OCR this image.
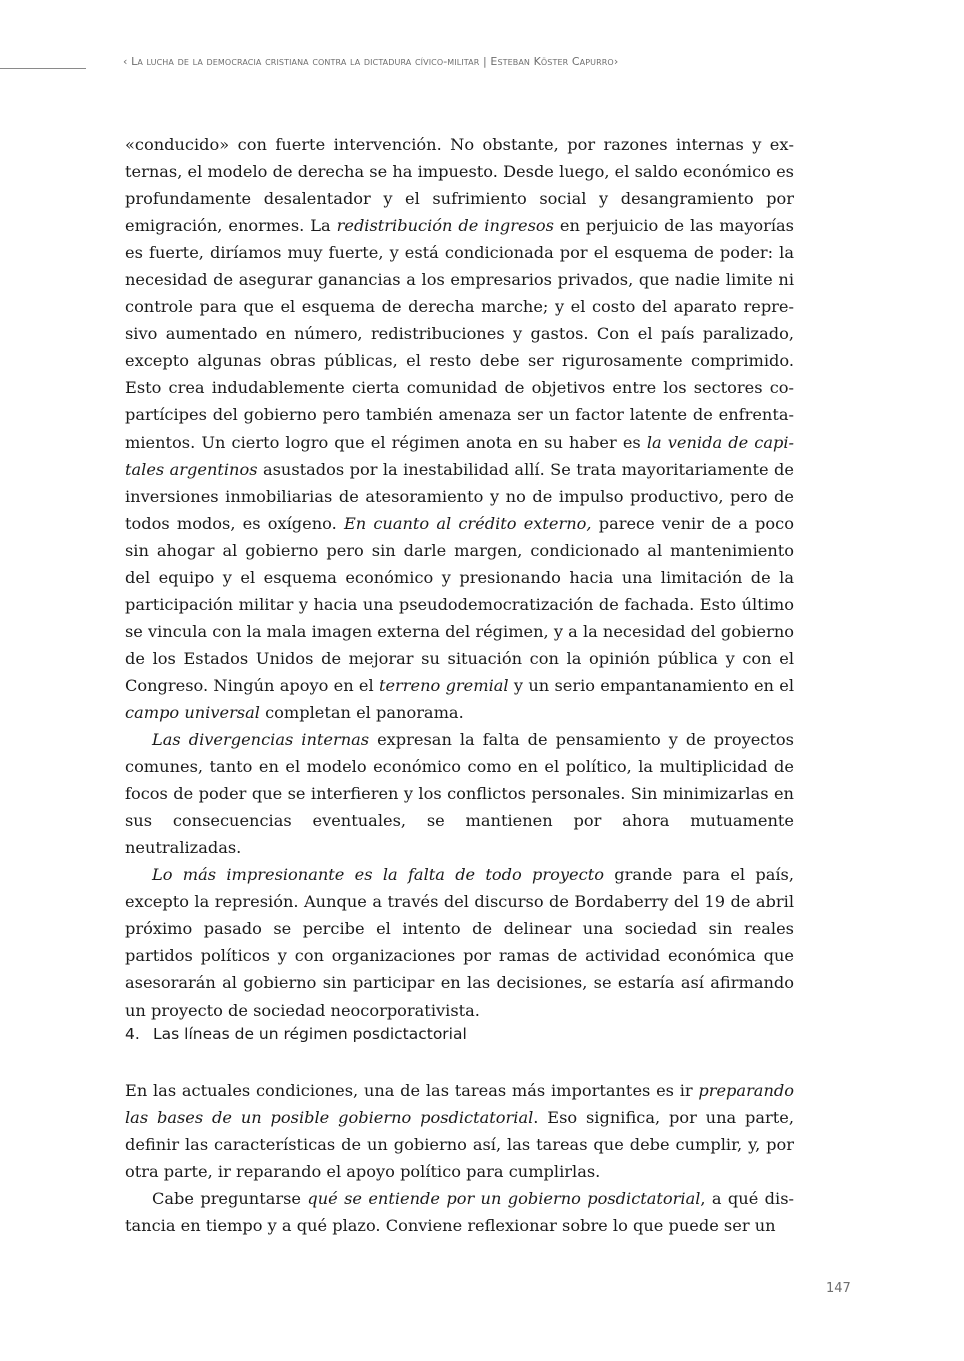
‹ La lucha de la democracia cristiana contra la dictadura cívico-militar | Esteban Köster Capurro›

«conducido» con fuerte intervención. No obstante, por razones internas y externas, el modelo de derecha se ha impuesto. Desde luego, el saldo económico es profundamente desalentador y el sufrimiento social y desangramiento por emigración, enormes. La redistribución de ingresos en perjuicio de las mayorías es fuerte, diríamos muy fuerte, y está condicionada por el esquema de poder: la necesidad de asegurar ganancias a los empresarios privados, que nadie limite ni controle para que el esquema de derecha marche; y el costo del aparato represivo aumentado en número, redistribuciones y gastos. Con el país paralizado, excepto algunas obras públicas, el resto debe ser rigurosamente comprimido. Esto crea indudablemente cierta comunidad de objetivos entre los sectores copartícipes del gobierno pero también amenaza ser un factor latente de enfrentamientos. Un cierto logro que el régimen anota en su haber es la venida de capitales argentinos asustados por la inestabilidad allí. Se trata mayoritariamente de inversiones inmobiliarias de atesoramiento y no de impulso productivo, pero de todos modos, es oxígeno. En cuanto al crédito externo, parece venir de a poco sin ahogar al gobierno pero sin darle margen, condicionado al mantenimiento del equipo y el esquema económico y presionando hacia una limitación de la participación militar y hacia una pseudodemocratización de fachada. Esto último se vincula con la mala imagen externa del régimen, y a la necesidad del gobierno de los Estados Unidos de mejorar su situación con la opinión pública y con el Congreso. Ningún apoyo en el terreno gremial y un serio empantanamiento en el campo universal completan el panorama.

Las divergencias internas expresan la falta de pensamiento y de proyectos comunes, tanto en el modelo económico como en el político, la multiplicidad de focos de poder que se interfieren y los conflictos personales. Sin minimizarlas en sus consecuencias eventuales, se mantienen por ahora mutuamente neutralizadas.

Lo más impresionante es la falta de todo proyecto grande para el país, excepto la represión. Aunque a través del discurso de Bordaberry del 19 de abril próximo pasado se percibe el intento de delinear una sociedad sin reales partidos políticos y con organizaciones por ramas de actividad económica que asesorarán al gobierno sin participar en las decisiones, se estaría así afirmando un proyecto de sociedad neocorporativista.

4. Las líneas de un régimen posdictactorial

En las actuales condiciones, una de las tareas más importantes es ir preparando las bases de un posible gobierno posdictatorial. Eso significa, por una parte, definir las características de un gobierno así, las tareas que debe cumplir, y, por otra parte, ir reparando el apoyo político para cumplirlas.

Cabe preguntarse qué se entiende por un gobierno posdictatorial, a qué distancia en tiempo y a qué plazo. Conviene reflexionar sobre lo que puede ser un

147
